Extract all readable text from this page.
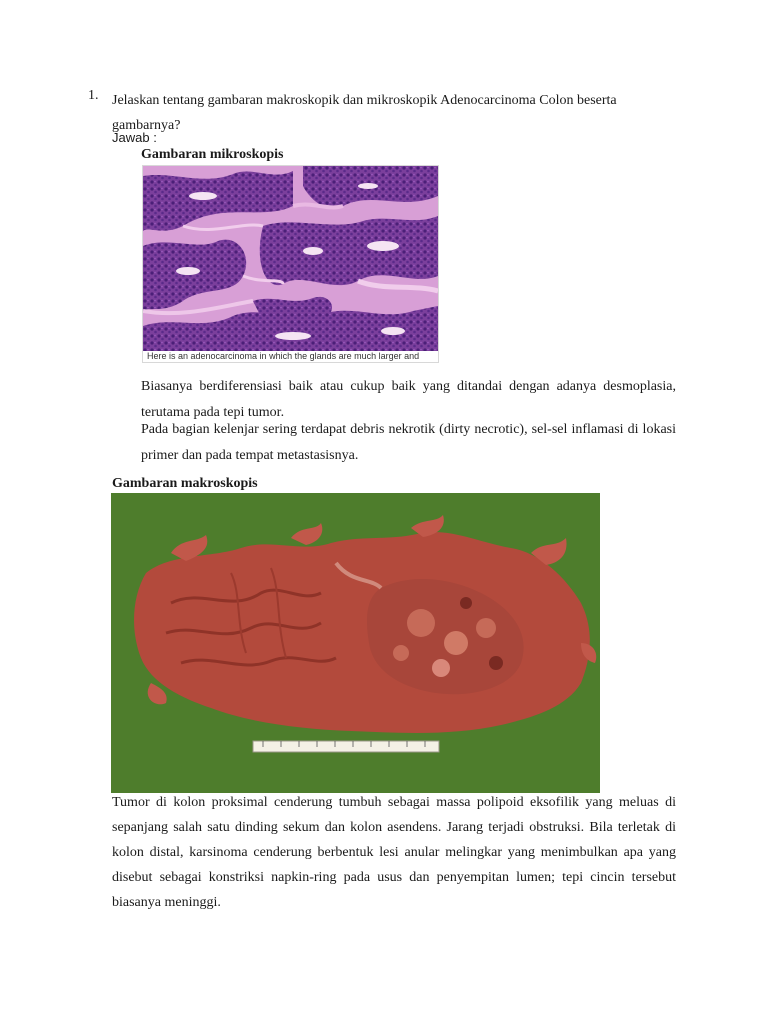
1. Jelaskan tentang gambaran makroskopik dan mikroskopik Adenocarcinoma Colon beserta gambarnya?
Jawab :
Gambaran mikroskopis
Here is an adenocarcinoma in which the glands are much larger and

Biasanya berdiferensiasi baik atau cukup baik yang ditandai dengan adanya desmoplasia, terutama pada tepi tumor.

Pada bagian kelenjar sering terdapat debris nekrotik (dirty necrotic), sel-sel inflamasi di lokasi primer dan pada tempat metastasisnya.

Gambaran makroskopis

Tumor di kolon proksimal cenderung tumbuh sebagai massa polipoid eksofilik yang meluas di sepanjang salah satu dinding sekum dan kolon asendens. Jarang terjadi obstruksi. Bila terletak di kolon distal, karsinoma cenderung berbentuk lesi anular melingkar yang menimbulkan apa yang disebut sebagai konstriksi napkin-ring pada usus dan penyempitan lumen; tepi cincin tersebut biasanya meninggi.
